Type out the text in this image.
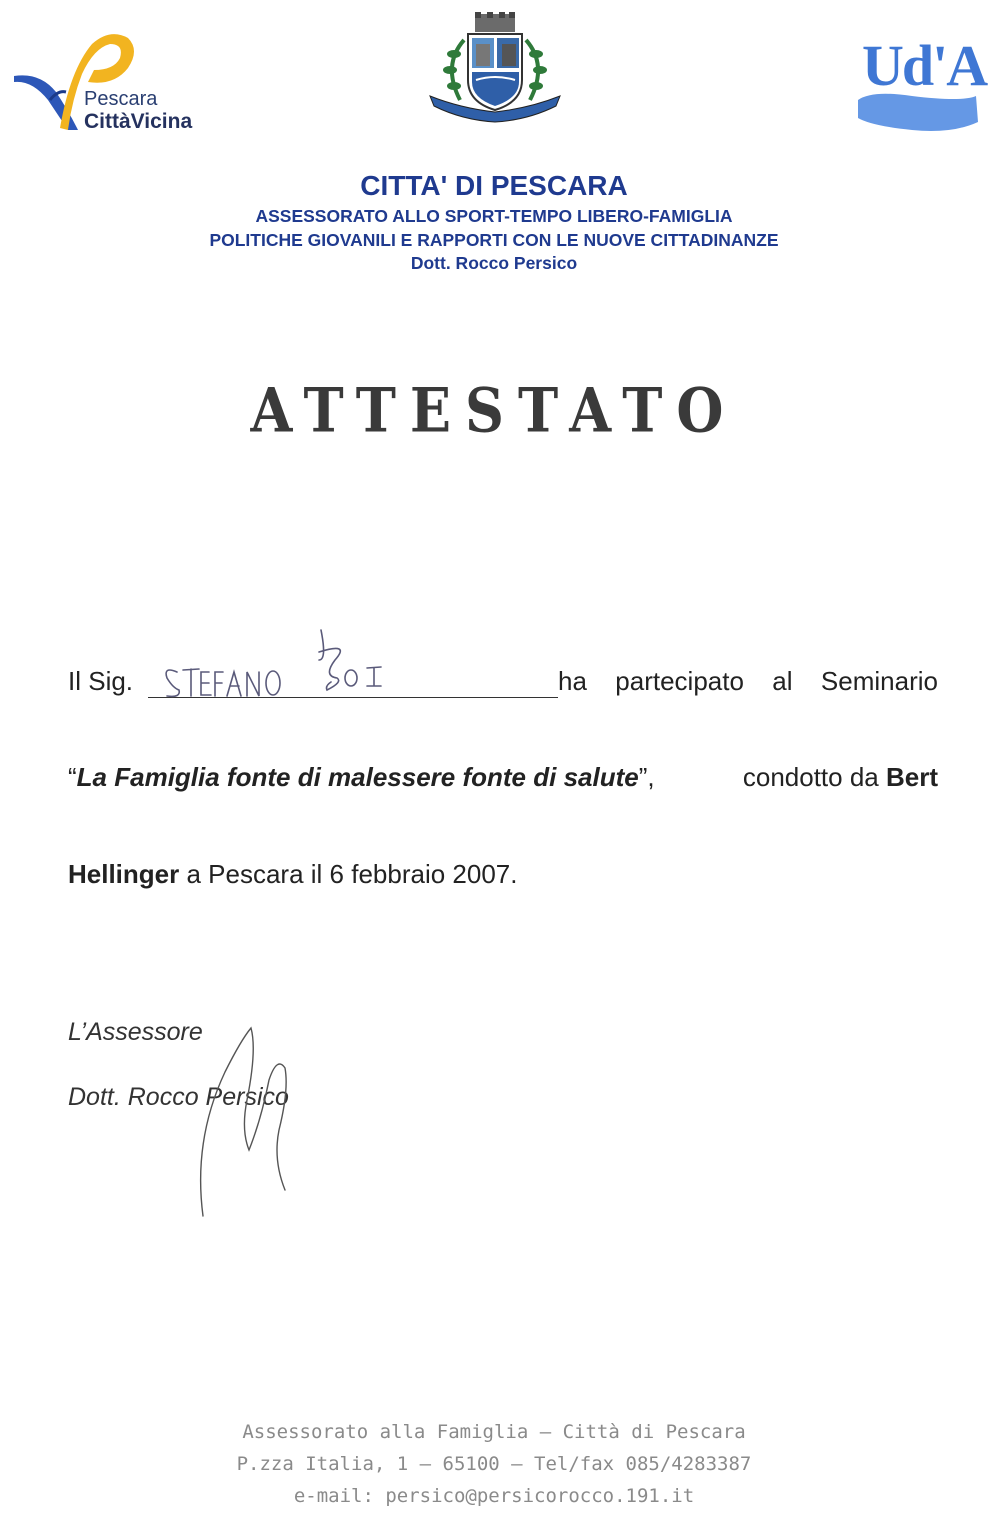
Pescara
CittàVicina
Ud'A
CITTA' DI PESCARA
ASSESSORATO ALLO SPORT-TEMPO LIBERO-FAMIGLIA
POLITICHE GIOVANILI E RAPPORTI CON LE NUOVE CITTADINANZE
Dott. Rocco Persico
ATTESTATO
Il Sig.	ha partecipato al Seminario
“La Famiglia fonte di malessere fonte di salute”,	condotto da Bert
Hellinger a Pescara il 6 febbraio 2007.
L’Assessore
Dott. Rocco Persico
Assessorato alla Famiglia – Città di Pescara
P.zza Italia, 1 – 65100 – Tel/fax 085/4283387
e-mail: persico@persicorocco.191.it
